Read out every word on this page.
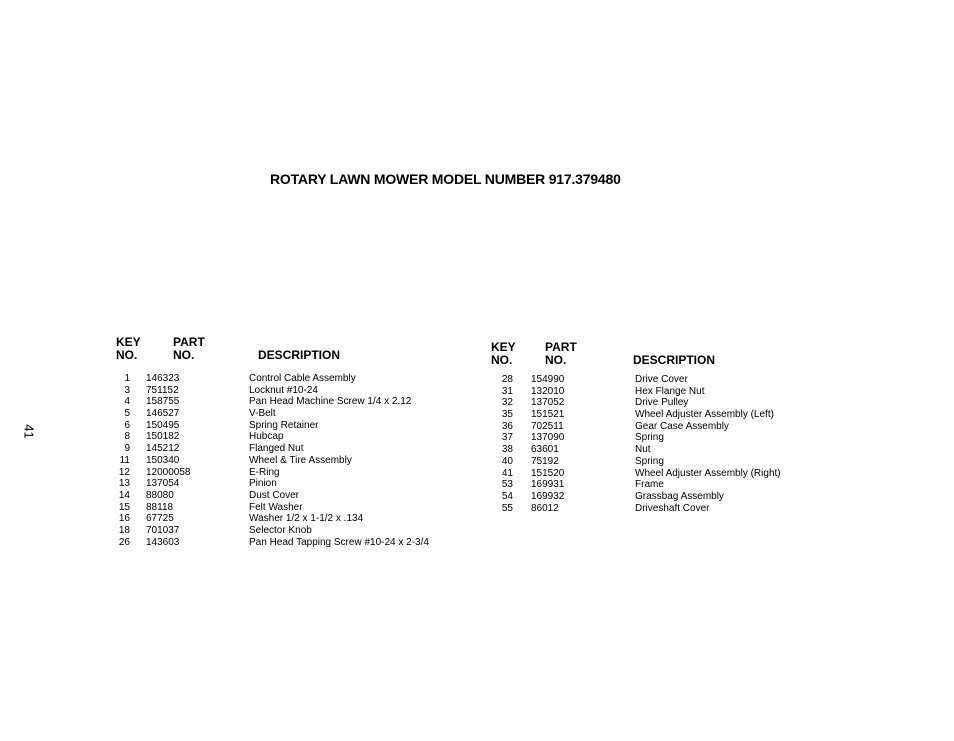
ROTARY LAWN MOWER MODEL NUMBER 917.379480
41
KEY
NO.
PART
NO.	DESCRIPTION
1 146323	Control Cable Assembly
3 751152	Locknut #10-24
4 158755	Pan Head Machine Screw 1/4 x 2.12
5 146527	V-Belt
6 150495	Spring Retainer
8 150182	Hubcap
9 145212	Flanged Nut
11 150340	Wheel & Tire Assembly
12 12000058	E-Ring
13 137054	Pinion
14 88080	Dust Cover
15 88118	Felt Washer
16 67725	Washer 1/2 x 1-1/2 x .134
18 701037	Selector Knob
26 143603	Pan Head Tapping Screw #10-24 x 2-3/4
KEY
NO.
PART
NO.	DESCRIPTION
28 154990	Drive Cover
31 132010	Hex Flange Nut
32 137052	Drive Pulley
35 151521	Wheel Adjuster Assembly (Left)
36 702511	Gear Case Assembly
37 137090	Spring
38 63601	Nut
40 75192	Spring
41 151520	Wheel Adjuster Assembly (Right)
53 169931	Frame
54 169932	Grassbag Assembly
55 86012	Driveshaft Cover
